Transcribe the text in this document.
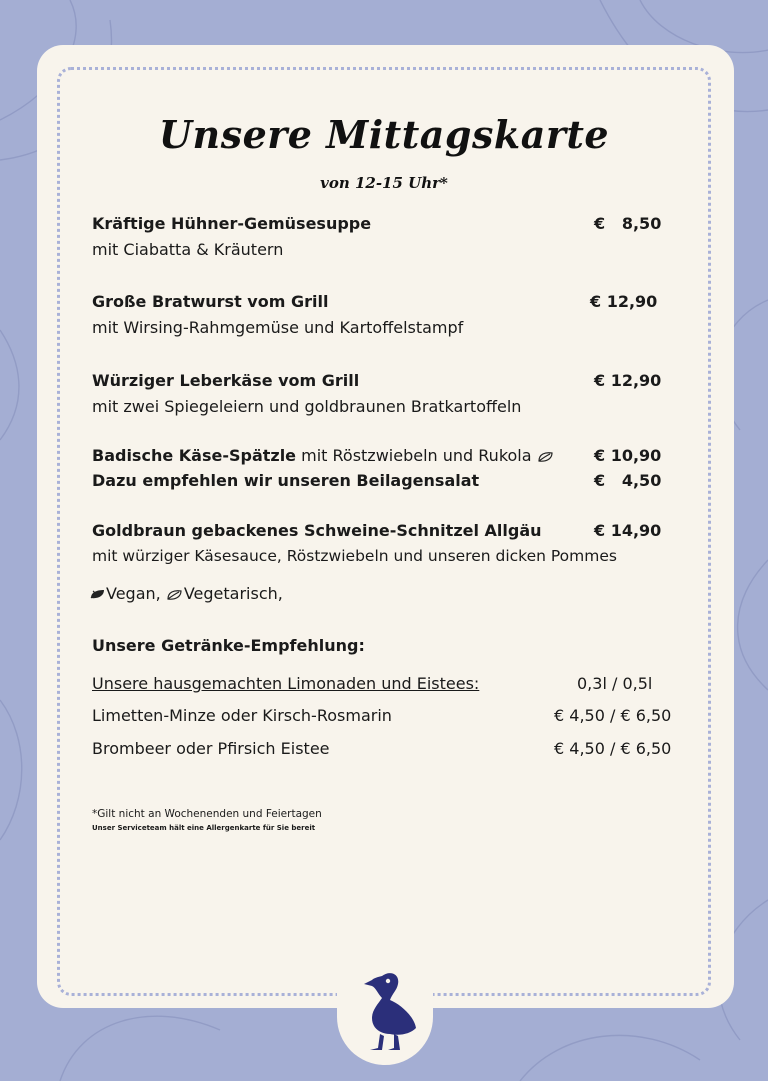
Unsere Mittagskarte
von 12-15 Uhr*
Kräftige Hühner-Gemüsesuppe	€   8,50
mit Ciabatta & Kräutern
Große Bratwurst vom Grill	€ 12,90
mit Wirsing-Rahmgemüse und Kartoffelstampf
Würziger Leberkäse vom Grill	€ 12,90
mit zwei Spiegeleiern und goldbraunen Bratkartoffeln
Badische Käse-Spätzle mit Röstzwiebeln und Rukola	€ 10,90
Dazu empfehlen wir unseren Beilagensalat	€   4,50
Goldbraun gebackenes Schweine-Schnitzel Allgäu	€ 14,90
mit würziger Käsesauce, Röstzwiebeln und unseren dicken Pommes
Vegan, Vegetarisch,
Unsere Getränke-Empfehlung:
Unsere hausgemachten Limonaden und Eistees:	0,3l / 0,5l
Limetten-Minze oder Kirsch-Rosmarin	€ 4,50 / € 6,50
Brombeer oder Pfirsich Eistee	€ 4,50 / € 6,50
*Gilt nicht an Wochenenden und Feiertagen
Unser Serviceteam hält eine Allergenkarte für Sie bereit
